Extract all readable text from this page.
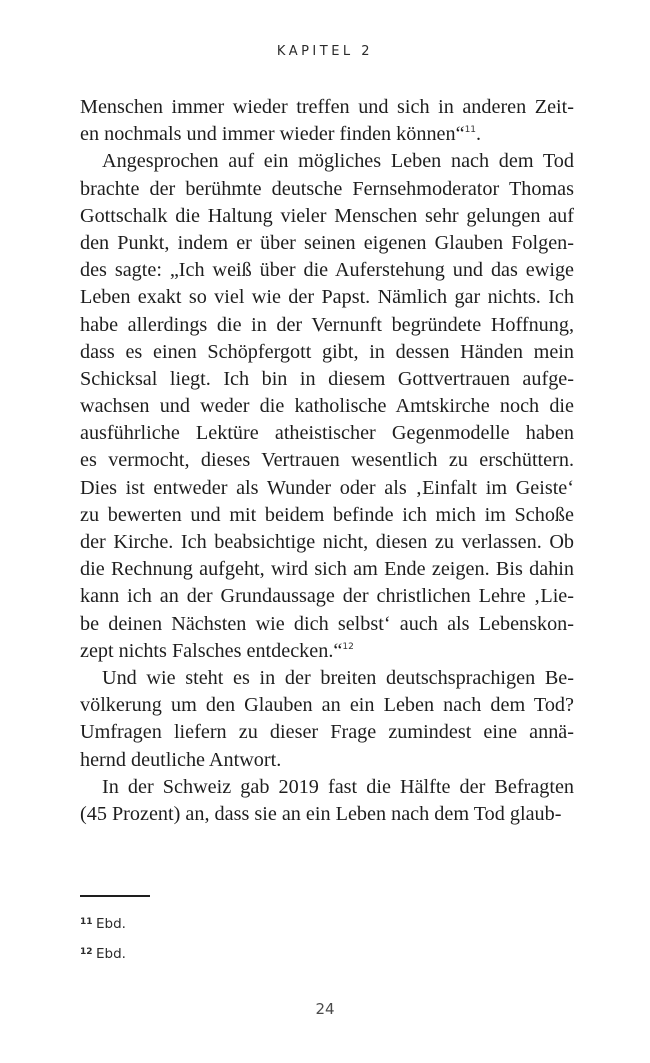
KAPITEL 2
Menschen immer wieder treffen und sich in anderen Zeit-
en nochmals und immer wieder finden können“$^{11}$.
Angesprochen auf ein mögliches Leben nach dem Tod
brachte der berühmte deutsche Fernsehmoderator Thomas
Gottschalk die Haltung vieler Menschen sehr gelungen auf
den Punkt, indem er über seinen eigenen Glauben Folgen-
des sagte: „Ich weiß über die Auferstehung und das ewige
Leben exakt so viel wie der Papst. Nämlich gar nichts. Ich
habe allerdings die in der Vernunft begründete Hoffnung,
dass es einen Schöpfergott gibt, in dessen Händen mein
Schicksal liegt. Ich bin in diesem Gottvertrauen aufge-
wachsen und weder die katholische Amtskirche noch die
ausführliche Lektüre atheistischer Gegenmodelle haben
es vermocht, dieses Vertrauen wesentlich zu erschüttern.
Dies ist entweder als Wunder oder als ‚Einfalt im Geiste‘
zu bewerten und mit beidem befinde ich mich im Schoße
der Kirche. Ich beabsichtige nicht, diesen zu verlassen. Ob
die Rechnung aufgeht, wird sich am Ende zeigen. Bis dahin
kann ich an der Grundaussage der christlichen Lehre ‚Lie-
be deinen Nächsten wie dich selbst‘ auch als Lebenskon-
zept nichts Falsches entdecken.“$^{12}$
Und wie steht es in der breiten deutschsprachigen Be-
völkerung um den Glauben an ein Leben nach dem Tod?
Umfragen liefern zu dieser Frage zumindest eine annä-
hernd deutliche Antwort.
In der Schweiz gab 2019 fast die Hälfte der Befragten
(45 Prozent) an, dass sie an ein Leben nach dem Tod glaub-
11 Ebd.
12 Ebd.
24
